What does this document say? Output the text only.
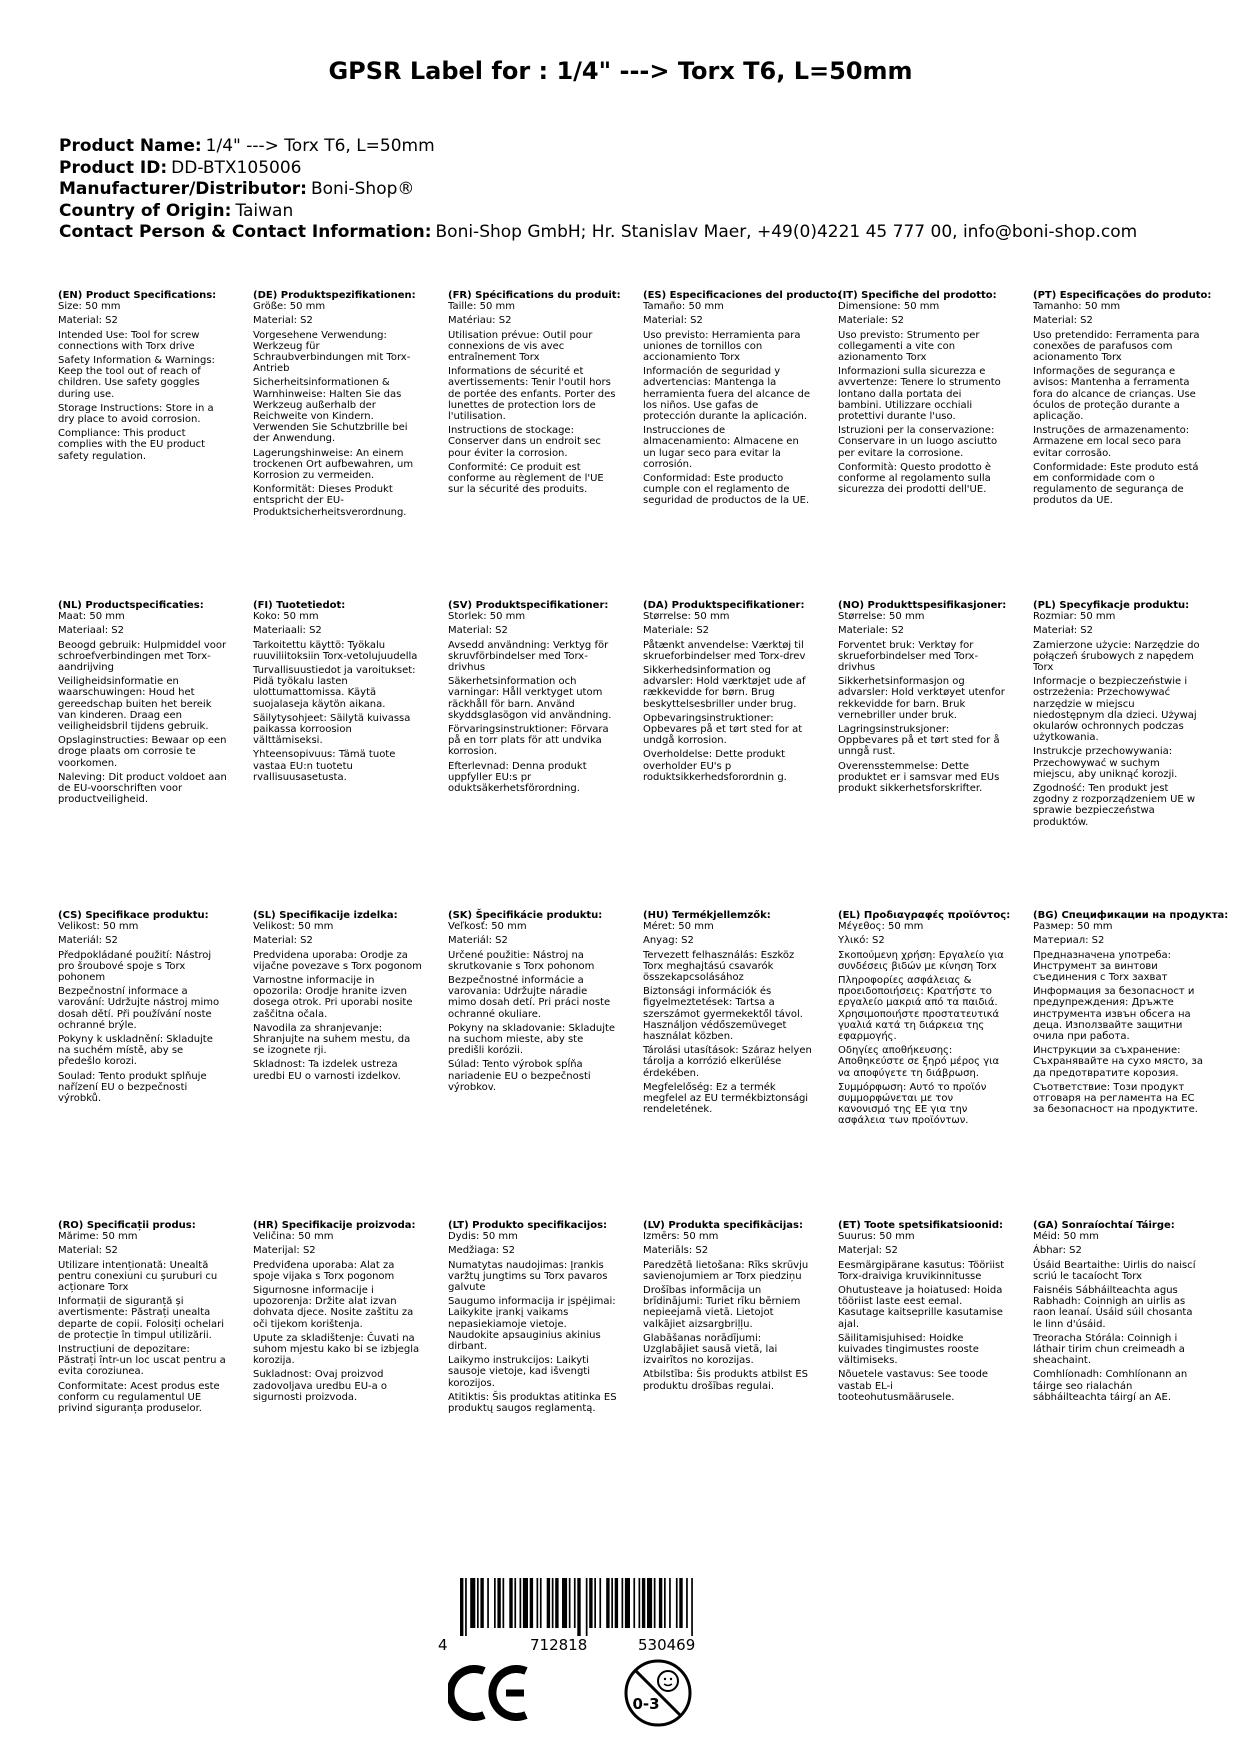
GPSR Label for : 1/4" ---> Torx T6, L=50mm
Product Name: 1/4" ---> Torx T6, L=50mm
Product ID: DD-BTX105006
Manufacturer/Distributor: Boni-Shop®
Country of Origin: Taiwan
Contact Person & Contact Information: Boni-Shop GmbH; Hr. Stanislav Maer, +49(0)4221 45 777 00, info@boni-shop.com
(EN) Product Specifications:
Size: 50 mm
Material: S2
Intended Use: Tool for screw connections with Torx drive
Safety Information & Warnings: Keep the tool out of reach of children. Use safety goggles during use.
Storage Instructions: Store in a dry place to avoid corrosion.
Compliance: This product complies with the EU product safety regulation.
(DE) Produktspezifikationen:
Größe: 50 mm
Material: S2
Vorgesehene Verwendung: Werkzeug für Schraubverbindungen mit Torx-Antrieb
Sicherheitsinformationen & Warnhinweise: Halten Sie das Werkzeug außerhalb der Reichweite von Kindern. Verwenden Sie Schutzbrille bei der Anwendung.
Lagerungshinweise: An einem trockenen Ort aufbewahren, um Korrosion zu vermeiden.
Konformität: Dieses Produkt entspricht der EU-Produktsicherheitsverordnung.
(FR) Spécifications du produit:
Taille: 50 mm
Matériau: S2
Utilisation prévue: Outil pour connexions de vis avec entraînement Torx
Informations de sécurité et avertissements: Tenir l'outil hors de portée des enfants. Porter des lunettes de protection lors de l'utilisation.
Instructions de stockage: Conserver dans un endroit sec pour éviter la corrosion.
Conformité: Ce produit est conforme au règlement de l'UE sur la sécurité des produits.
(ES) Especificaciones del producto:
Tamaño: 50 mm
Material: S2
Uso previsto: Herramienta para uniones de tornillos con accionamiento Torx
Información de seguridad y advertencias: Mantenga la herramienta fuera del alcance de los niños. Use gafas de protección durante la aplicación.
Instrucciones de almacenamiento: Almacene en un lugar seco para evitar la corrosión.
Conformidad: Este producto cumple con el reglamento de seguridad de productos de la UE.
(IT) Specifiche del prodotto:
Dimensione: 50 mm
Materiale: S2
Uso previsto: Strumento per collegamenti a vite con azionamento Torx
Informazioni sulla sicurezza e avvertenze: Tenere lo strumento lontano dalla portata dei bambini. Utilizzare occhiali protettivi durante l'uso.
Istruzioni per la conservazione: Conservare in un luogo asciutto per evitare la corrosione.
Conformità: Questo prodotto è conforme al regolamento sulla sicurezza dei prodotti dell'UE.
(PT) Especificações do produto:
Tamanho: 50 mm
Material: S2
Uso pretendido: Ferramenta para conexões de parafusos com acionamento Torx
Informações de segurança e avisos: Mantenha a ferramenta fora do alcance de crianças. Use óculos de proteção durante a aplicação.
Instruções de armazenamento: Armazene em local seco para evitar corrosão.
Conformidade: Este produto está em conformidade com o regulamento de segurança de produtos da UE.
(NL) Productspecificaties:
Maat: 50 mm
Materiaal: S2
Beoogd gebruik: Hulpmiddel voor schroefverbindingen met Torx-aandrijving
Veiligheidsinformatie en waarschuwingen: Houd het gereedschap buiten het bereik van kinderen. Draag een veiligheidsbril tijdens gebruik.
Opslaginstructies: Bewaar op een droge plaats om corrosie te voorkomen.
Naleving: Dit product voldoet aan de EU-voorschriften voor productveiligheid.
(FI) Tuotetiedot:
Koko: 50 mm
Materiaali: S2
Tarkoitettu käyttö: Työkalu ruuviliitoksiin Torx-vetolujuudella
Turvallisuustiedot ja varoitukset: Pidä työkalu lasten ulottumattomissa. Käytä suojalaseja käytön aikana.
Säilytysohjeet: Säilytä kuivassa paikassa korroosion välttämiseksi.
Yhteensopivuus: Tämä tuote vastaa EU:n tuotetu rvallisuusasetusta.
(SV) Produktspecifikationer:
Storlek: 50 mm
Material: S2
Avsedd användning: Verktyg för skruvförbindelser med Torx-drivhus
Säkerhetsinformation och varningar: Håll verktyget utom räckhåll för barn. Använd skyddsglasögon vid användning.
Förvaringsinstruktioner: Förvara på en torr plats för att undvika korrosion.
Efterlevnad: Denna produkt uppfyller EU:s pr oduktsäkerhetsförordning.
(DA) Produktspecifikationer:
Størrelse: 50 mm
Materiale: S2
Påtænkt anvendelse: Værktøj til skrueforbindelser med Torx-drev
Sikkerhedsinformation og advarsler: Hold værktøjet ude af rækkevidde for børn. Brug beskyttelsesbriller under brug.
Opbevaringsinstruktioner: Opbevares på et tørt sted for at undgå korrosion.
Overholdelse: Dette produkt overholder EU's p roduktsikkerhedsforordnin g.
(NO) Produkttspesifikasjoner:
Størrelse: 50 mm
Materiale: S2
Forventet bruk: Verktøy for skrueforbindelser med Torx-drivhus
Sikkerhetsinformasjon og advarsler: Hold verktøyet utenfor rekkevidde for barn. Bruk vernebriller under bruk.
Lagringsinstruksjoner: Oppbevares på et tørt sted for å unngå rust.
Overensstemmelse: Dette produktet er i samsvar med EUs produkt sikkerhetsforskrifter.
(PL) Specyfikacje produktu:
Rozmiar: 50 mm
Materiał: S2
Zamierzone użycie: Narzędzie do połączeń śrubowych z napędem Torx
Informacje o bezpieczeństwie i ostrzeżenia: Przechowywać narzędzie w miejscu niedostępnym dla dzieci. Używaj okularów ochronnych podczas użytkowania.
Instrukcje przechowywania: Przechowywać w suchym miejscu, aby uniknąć korozji.
Zgodność: Ten produkt jest zgodny z rozporządzeniem UE w sprawie bezpieczeństwa produktów.
(CS) Specifikace produktu:
Velikost: 50 mm
Materiál: S2
Předpokládané použití: Nástroj pro šroubové spoje s Torx pohonem
Bezpečnostní informace a varování: Udržujte nástroj mimo dosah dětí. Při používání noste ochranné brýle.
Pokyny k uskladnění: Skladujte na suchém místě, aby se předešlo korozi.
Soulad: Tento produkt splňuje nařízení EU o bezpečnosti výrobků.
(SL) Specifikacije izdelka:
Velikost: 50 mm
Material: S2
Predvidena uporaba: Orodje za vijačne povezave s Torx pogonom
Varnostne informacije in opozorila: Orodje hranite izven dosega otrok. Pri uporabi nosite zaščitna očala.
Navodila za shranjevanje: Shranjujte na suhem mestu, da se izognete rji.
Skladnost: Ta izdelek ustreza uredbi EU o varnosti izdelkov.
(SK) Špecifikácie produktu:
Veľkosť: 50 mm
Materiál: S2
Určené použitie: Nástroj na skrutkovanie s Torx pohonom
Bezpečnostné informácie a varovania: Udržujte náradie mimo dosah detí. Pri práci noste ochranné okuliare.
Pokyny na skladovanie: Skladujte na suchom mieste, aby ste predišli korózii.
Súlad: Tento výrobok spĺňa nariadenie EU o bezpečnosti výrobkov.
(HU) Termékjellemzők:
Méret: 50 mm
Anyag: S2
Tervezett felhasználás: Eszköz Torx meghajtású csavarók összekapcsolásához
Biztonsági információk és figyelmeztetések: Tartsa a szerszámot gyermekektől távol. Használjon védőszemüveget használat közben.
Tárolási utasítások: Száraz helyen tárolja a korrózió elkerülése érdekében.
Megfelelőség: Ez a termék megfelel az EU termékbiztonsági rendeletének.
(EL) Προδιαγραφές προϊόντος:
Μέγεθος: 50 mm
Υλικό: S2
Σκοπούμενη χρήση: Εργαλείο για συνδέσεις βιδών με κίνηση Torx
Πληροφορίες ασφάλειας & προειδοποιήσεις: Κρατήστε το εργαλείο μακριά από τα παιδιά. Χρησιμοποιήστε προστατευτικά γυαλιά κατά τη διάρκεια της εφαρμογής.
Οδηγίες αποθήκευσης: Αποθηκεύστε σε ξηρό μέρος για να αποφύγετε τη διάβρωση.
Συμμόρφωση: Αυτό το προϊόν συμμορφώνεται με τον κανονισμό της ΕΕ για την ασφάλεια των προϊόντων.
(BG) Спецификации на продукта:
Размер: 50 mm
Материал: S2
Предназначена употреба: Инструмент за винтови съединения с Torx захват
Информация за безопасност и предупреждения: Дръжте инструмента извън обсега на деца. Използвайте защитни очила при работа.
Инструкции за съхранение: Съхранявайте на сухо място, за да предотвратите корозия.
Съответствие: Този продукт отговаря на регламента на ЕС за безопасност на продуктите.
(RO) Specificații produs:
Mărime: 50 mm
Material: S2
Utilizare intenționată: Unealtă pentru conexiuni cu șuruburi cu acționare Torx
Informații de siguranță și avertismente: Păstrați unealta departe de copii. Folosiți ochelari de protecție în timpul utilizării.
Instrucțiuni de depozitare: Păstrați într-un loc uscat pentru a evita coroziunea.
Conformitate: Acest produs este conform cu regulamentul UE privind siguranța produselor.
(HR) Specifikacije proizvoda:
Veličina: 50 mm
Materijal: S2
Predviđena uporaba: Alat za spoje vijaka s Torx pogonom
Sigurnosne informacije i upozorenja: Držite alat izvan dohvata djece. Nosite zaštitu za oči tijekom korištenja.
Upute za skladištenje: Čuvati na suhom mjestu kako bi se izbjegla korozija.
Sukladnost: Ovaj proizvod zadovoljava uredbu EU-a o sigurnosti proizvoda.
(LT) Produkto specifikacijos:
Dydis: 50 mm
Medžiaga: S2
Numatytas naudojimas: Įrankis varžtų jungtims su Torx pavaros galvute
Saugumo informacija ir įspėjimai: Laikykite įrankį vaikams nepasiekiamoje vietoje. Naudokite apsauginius akinius dirbant.
Laikymo instrukcijos: Laikyti sausoje vietoje, kad išvengti korozijos.
Atitiktis: Šis produktas atitinka ES produktų saugos reglamentą.
(LV) Produkta specifikācijas:
Izmērs: 50 mm
Materiāls: S2
Paredzētā lietošana: Rīks skrūvju savienojumiem ar Torx piedziņu
Drošības informācija un brīdinājumi: Turiet rīku bērniem nepieejamā vietā. Lietojot valkājiet aizsargbriļļu.
Glabāšanas norādījumi: Uzglabājiet sausā vietā, lai izvairītos no korozijas.
Atbilstība: Šis produkts atbilst ES produktu drošības regulai.
(ET) Toote spetsifikatsioonid:
Suurus: 50 mm
Materjal: S2
Eesmärgipärane kasutus: Tööriist Torx-draiviga kruvikinnitusse
Ohutusteave ja hoiatused: Hoida tööriist laste eest eemal. Kasutage kaitseprille kasutamise ajal.
Säilitamisjuhised: Hoidke kuivades tingimustes rooste vältimiseks.
Nõuetele vastavus: See toode vastab EL-i tooteohutusmäärusele.
(GA) Sonraíochtaí Táirge:
Méid: 50 mm
Ábhar: S2
Úsáid Beartaithe: Uirlis do naiscí scriú le tacaíocht Torx
Faisnéis Sábháilteachta agus Rabhadh: Coinnigh an uirlis as raon leanaí. Úsáid súil chosanta le linn d'úsáid.
Treoracha Stórála: Coinnigh i láthair tirim chun creimeadh a sheachaint.
Comhlíonadh: Comhlíonann an táirge seo rialachán sábháilteachta táirgí an AE.
4	712818	530469
0-3
